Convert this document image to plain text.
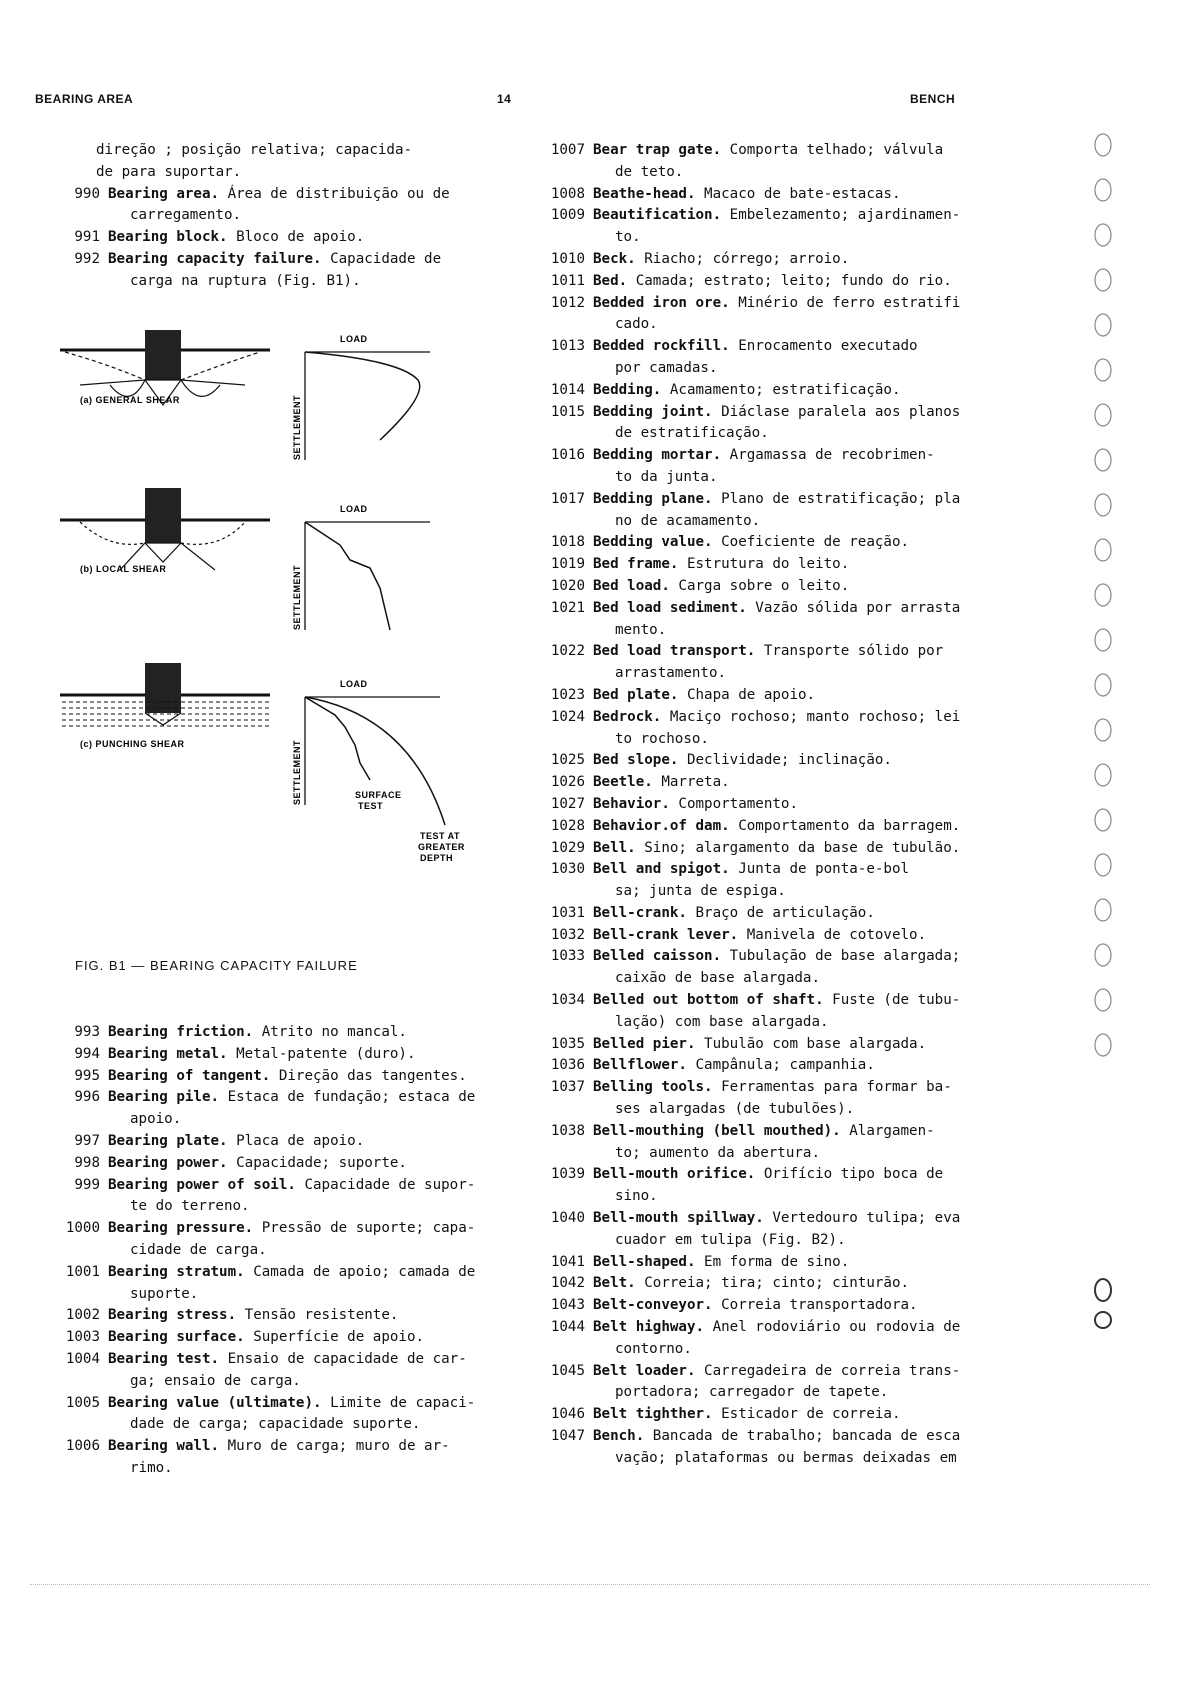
BEARING AREA	14	BENCH
direção ; posição relativa; capacida-
de para suportar.
990 Bearing area. Área de distribuição ou de
carregamento.
991 Bearing block. Bloco de apoio.
992 Bearing capacity failure. Capacidade de
carga na ruptura (Fig. B1).
(a) GENERAL SHEAR
LOAD
SETTLEMENT
(b) LOCAL SHEAR
LOAD
SETTLEMENT
(c) PUNCHING SHEAR
LOAD
SETTLEMENT	SURFACE
TEST
TEST AT
GREATER
DEPTH
FIG. B1 — BEARING CAPACITY FAILURE
993 Bearing friction. Atrito no mancal.
994 Bearing metal. Metal-patente (duro).
995 Bearing of tangent. Direção das tangentes.
996 Bearing pile. Estaca de fundação; estaca de
apoio.
997 Bearing plate. Placa de apoio.
998 Bearing power. Capacidade; suporte.
999 Bearing power of soil. Capacidade de supor-
te do terreno.
1000 Bearing pressure. Pressão de suporte; capa-
cidade de carga.
1001 Bearing stratum. Camada de apoio; camada de
suporte.
1002 Bearing stress. Tensão resistente.
1003 Bearing surface. Superfície de apoio.
1004 Bearing test. Ensaio de capacidade de car-
ga; ensaio de carga.
1005 Bearing value (ultimate). Limite de capaci-
dade de carga; capacidade suporte.
1006 Bearing wall. Muro de carga; muro de ar-
rimo.
1007 Bear trap gate. Comporta telhado; válvula
de teto.
1008 Beathe-head. Macaco de bate-estacas.
1009 Beautification. Embelezamento; ajardinamen-
to.
1010 Beck. Riacho; córrego; arroio.
1011 Bed. Camada; estrato; leito; fundo do rio.
1012 Bedded iron ore. Minério de ferro estratifi
cado.
1013 Bedded rockfill. Enrocamento executado
por camadas.
1014 Bedding. Acamamento; estratificação.
1015 Bedding joint. Diáclase paralela aos planos
de estratificação.
1016 Bedding mortar. Argamassa de recobrimen-
to da junta.
1017 Bedding plane. Plano de estratificação; pla
no de acamamento.
1018 Bedding value. Coeficiente de reação.
1019 Bed frame. Estrutura do leito.
1020 Bed load. Carga sobre o leito.
1021 Bed load sediment. Vazão sólida por arrasta
mento.
1022 Bed load transport. Transporte sólido por
arrastamento.
1023 Bed plate. Chapa de apoio.
1024 Bedrock. Maciço rochoso; manto rochoso; lei
to rochoso.
1025 Bed slope. Declividade; inclinação.
1026 Beetle. Marreta.
1027 Behavior. Comportamento.
1028 Behavior.of dam. Comportamento da barragem.
1029 Bell. Sino; alargamento da base de tubulão.
1030 Bell and spigot. Junta de ponta-e-bol
sa; junta de espiga.
1031 Bell-crank. Braço de articulação.
1032 Bell-crank lever. Manivela de cotovelo.
1033 Belled caisson. Tubulação de base alargada;
caixão de base alargada.
1034 Belled out bottom of shaft. Fuste (de tubu-
lação) com base alargada.
1035 Belled pier. Tubulão com base alargada.
1036 Bellflower. Campânula; campanhia.
1037 Belling tools. Ferramentas para formar ba-
ses alargadas (de tubulões).
1038 Bell-mouthing (bell mouthed). Alargamen-
to; aumento da abertura.
1039 Bell-mouth orifice. Orifício tipo boca de
sino.
1040 Bell-mouth spillway. Vertedouro tulipa; eva
cuador em tulipa (Fig. B2).
1041 Bell-shaped. Em forma de sino.
1042 Belt. Correia; tira; cinto; cinturão.
1043 Belt-conveyor. Correia transportadora.
1044 Belt highway. Anel rodoviário ou rodovia de
contorno.
1045 Belt loader. Carregadeira de correia trans-
portadora; carregador de tapete.
1046 Belt tighther. Esticador de correia.
1047 Bench. Bancada de trabalho; bancada de esca
vação; plataformas ou bermas deixadas em
